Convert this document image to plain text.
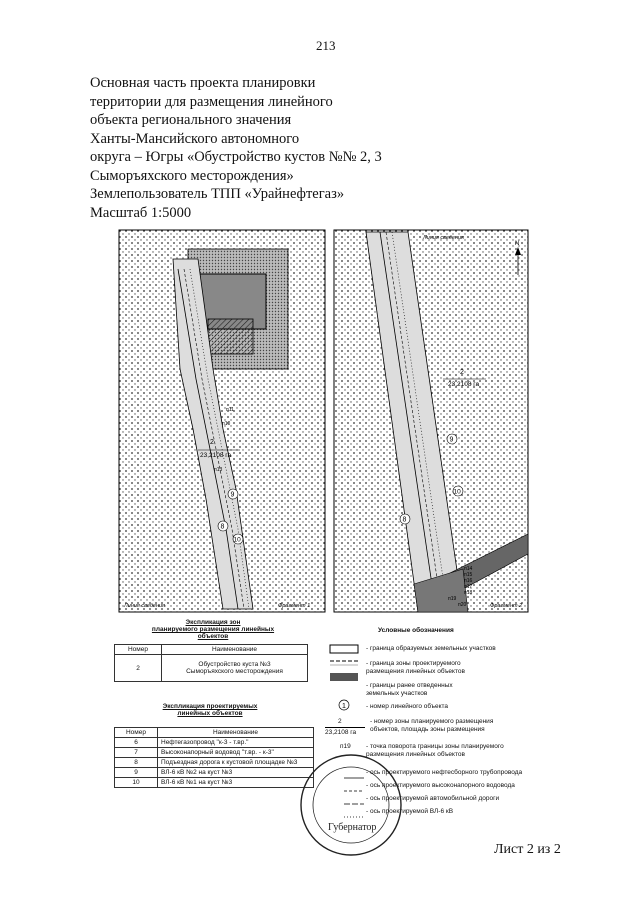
213
Основная часть проекта планировки
территории для размещения линейного
объекта регионального значения
Ханты-Мансийского автономного
округа – Югры «Обустройство кустов №№ 2, 3
Сыморъяхского месторождения»
Землепользователь ТПП «Урайнефтегаз»
Масштаб 1:5000
2
23,2108 га
9
8
10
п13
п11
п10
Линия сведения	Фрагмент 1
2
23,2108 га
9
10
8
п14
п15
п16
п17
п18
п19
п20
Линия сведения
N
Фрагмент 2
Экспликация зон
планируемого размещения линейных объектов
Номер	Наименование
2	Обустройство куста №3
Сыморъяхского месторождения
Экспликация проектируемых
линейных объектов
Номер	Наименование
6	Нефтегазопровод "к-3 - т.вр."
7	Высоконапорный водовод "т.вр. - к-3"
8	Подъездная дорога к кустовой площадке №3
9	ВЛ-6 кВ №2 на куст №3
10	ВЛ-6 кВ №1 на куст №3
Условные обозначения
1
- граница образуемых земельных участков
- граница зоны проектируемого
размещения линейных объектов
- границы ранее отведенных
земельных участков
- номер линейного объекта
2
23,2108 га
- номер зоны планируемого размещения
объектов, площадь зоны размещения
п19 - точка поворота границы зоны планируемого
размещения линейных объектов
- ось проектируемого нефтесборного трубопровода
- ось проектируемого высоконапорного водовода
- ось проектируемой автомобильной дороги
- ось проектируемой ВЛ-6 кВ
Губернатор
Лист 2 из 2
